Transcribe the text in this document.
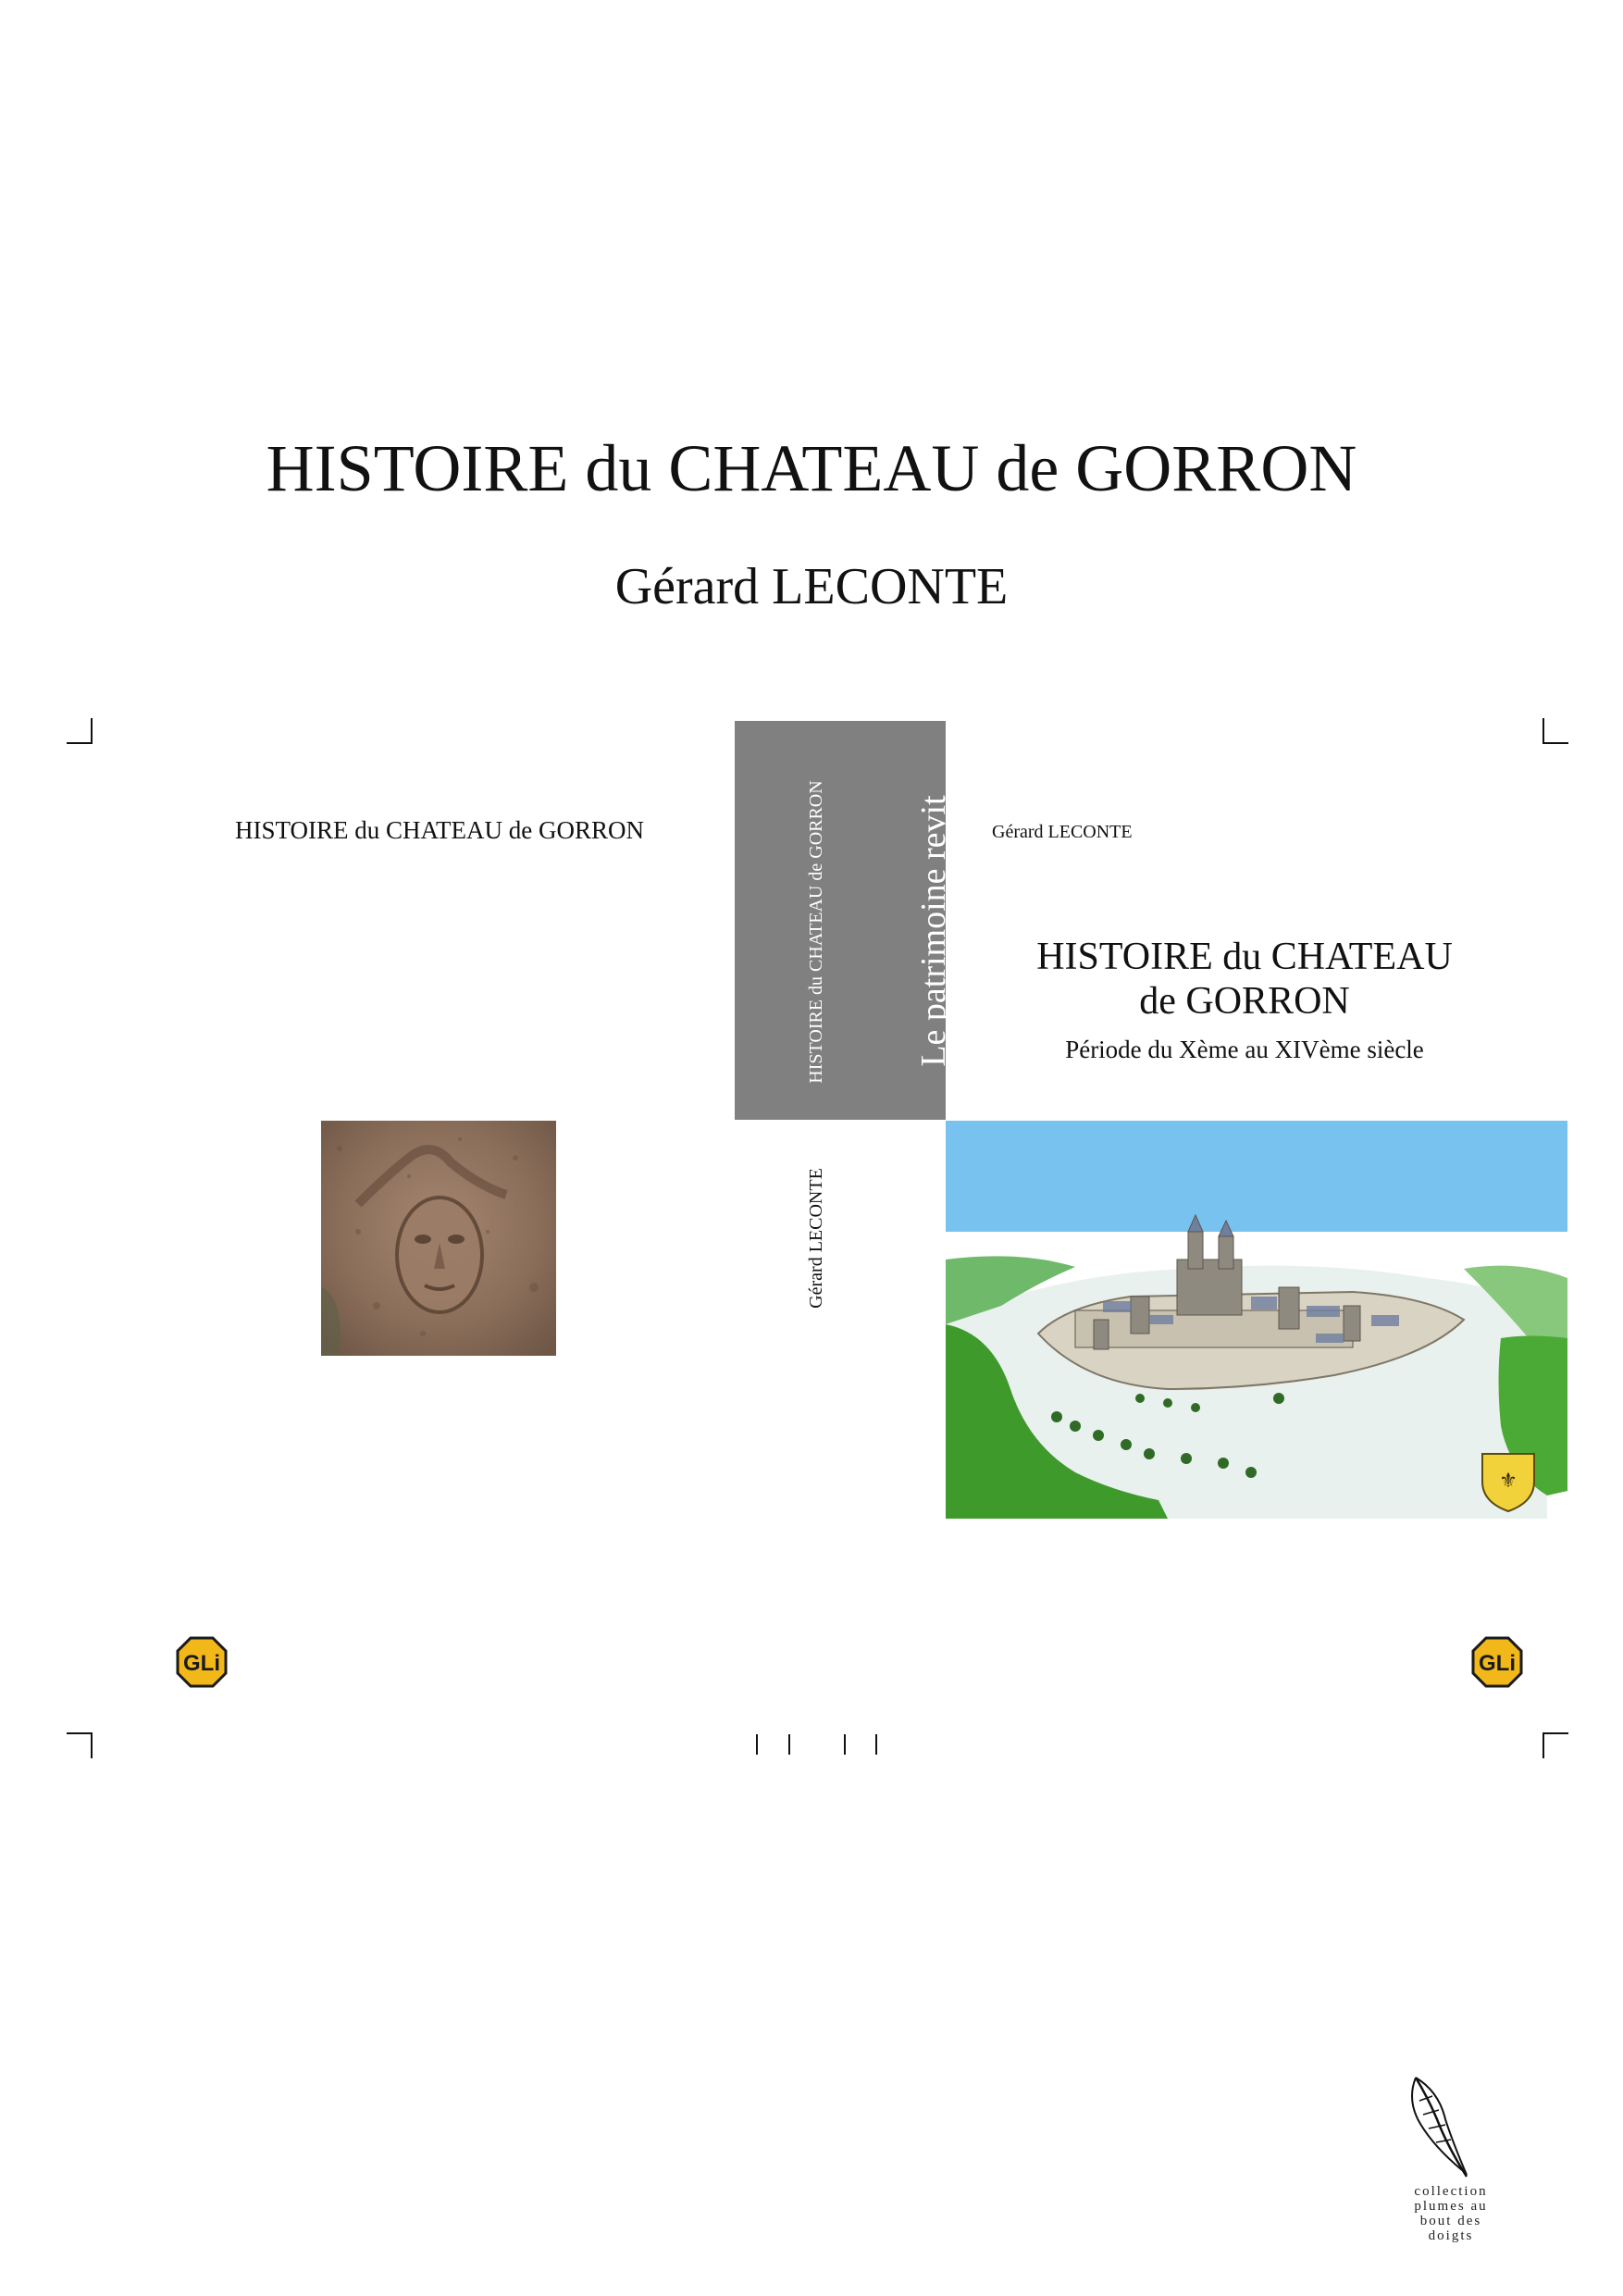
HISTOIRE du CHATEAU de GORRON
Gérard LECONTE
HISTOIRE du CHATEAU de GORRON	HISTOIRE du CHATEAU de GORRON	Le patrimoine revit
Gérard LECONTE
Gérard LECONTE
HISTOIRE du CHATEAU
de GORRON
Période du Xème au XIVème siècle
⚜
GLi	GLi
collection
plumes au
bout des
doigts
